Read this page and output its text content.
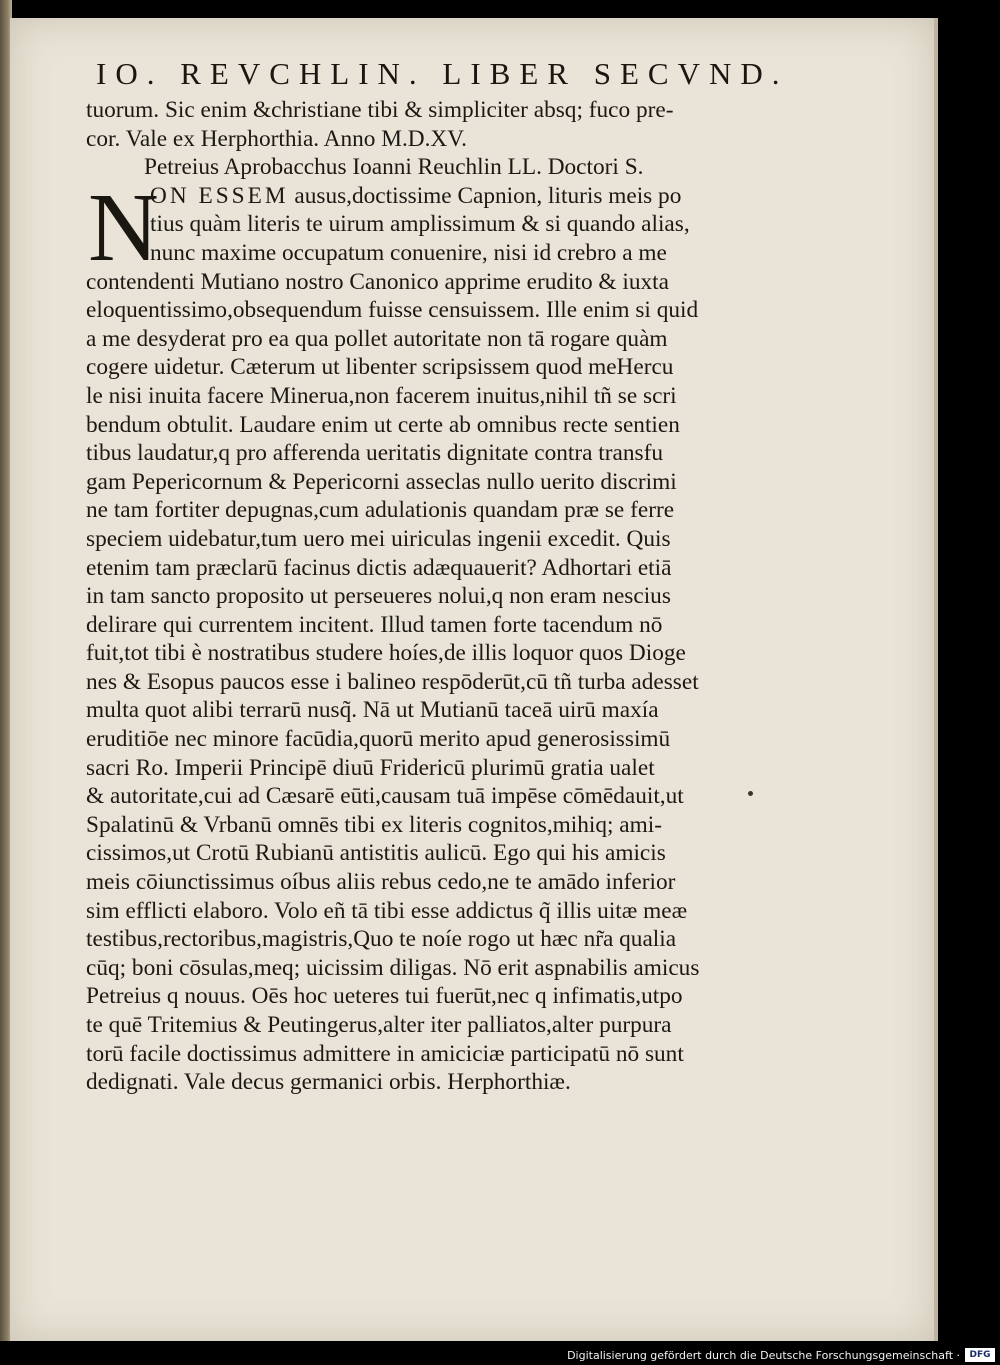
IO. REVCHLIN. LIBER SECVND.
tuorum. Sic enim &christiane tibi & simpliciter absq; fuco pre-
cor. Vale ex Herphorthia. Anno M.D.XV.
Petreius Aprobacchus Ioanni Reuchlin LL. Doctori S.
N
ON ESSEM ausus,doctissime Capnion, lituris meis po
tius quàm literis te uirum amplissimum & si quando alias,
nunc maxime occupatum conuenire, nisi id crebro a me
contendenti Mutiano nostro Canonico apprime erudito & iuxta
eloquentissimo,obsequendum fuisse censuissem. Ille enim si quid
a me desyderat pro ea qua pollet autoritate non tā rogare quàm
cogere uidetur. Cæterum ut libenter scripsissem quod meHercu
le nisi inuita facere Minerua,non facerem inuitus,nihil tñ se scri
bendum obtulit. Laudare enim ut certe ab omnibus recte sentien
tibus laudatur,q pro afferenda ueritatis dignitate contra transfu
gam Pepericornum & Pepericorni asseclas nullo uerito discrimi
ne tam fortiter depugnas,cum adulationis quandam præ se ferre
speciem uidebatur,tum uero mei uiriculas ingenii excedit. Quis
etenim tam præclarū facinus dictis adæquauerit? Adhortari etiā
in tam sancto proposito ut perseueres nolui,q non eram nescius
delirare qui currentem incitent. Illud tamen forte tacendum nō
fuit,tot tibi è nostratibus studere hoíes,de illis loquor quos Dioge
nes & Esopus paucos esse i balineo respōderūt,cū tñ turba adesset
multa quot alibi terrarū nusq̃. Nā ut Mutianū taceā uirū maxía
eruditiōe nec minore facūdia,quorū merito apud generosissimū
sacri Ro. Imperii Principē diuū Fridericū plurimū gratia ualet
& autoritate,cui ad Cæsarē eūti,causam tuā impēse cōmēdauit,ut
Spalatinū & Vrbanū omnēs tibi ex literis cognitos,mihiq; ami-
cissimos,ut Crotū Rubianū antistitis aulicū. Ego qui his amicis
meis cōiunctissimus oíbus aliis rebus cedo,ne te amādo inferior
sim efflicti elaboro. Volo eñ tā tibi esse addictus q̃ illis uitæ meæ
testibus,rectoribus,magistris,Quo te noíe rogo ut hæc nr̃a qualia
cūq; boni cōsulas,meq; uicissim diligas. Nō erit aspnabilis amicus
Petreius q nouus. Oēs hoc ueteres tui fuerūt,nec q infimatis,utpo
te quē Tritemius & Peutingerus,alter iter palliatos,alter purpura
torū facile doctissimus admittere in amiciciæ participatū nō sunt
dedignati. Vale decus germanici orbis. Herphorthiæ.
Digitalisierung gefördert durch die Deutsche Forschungsgemeinschaft ·	DFG
